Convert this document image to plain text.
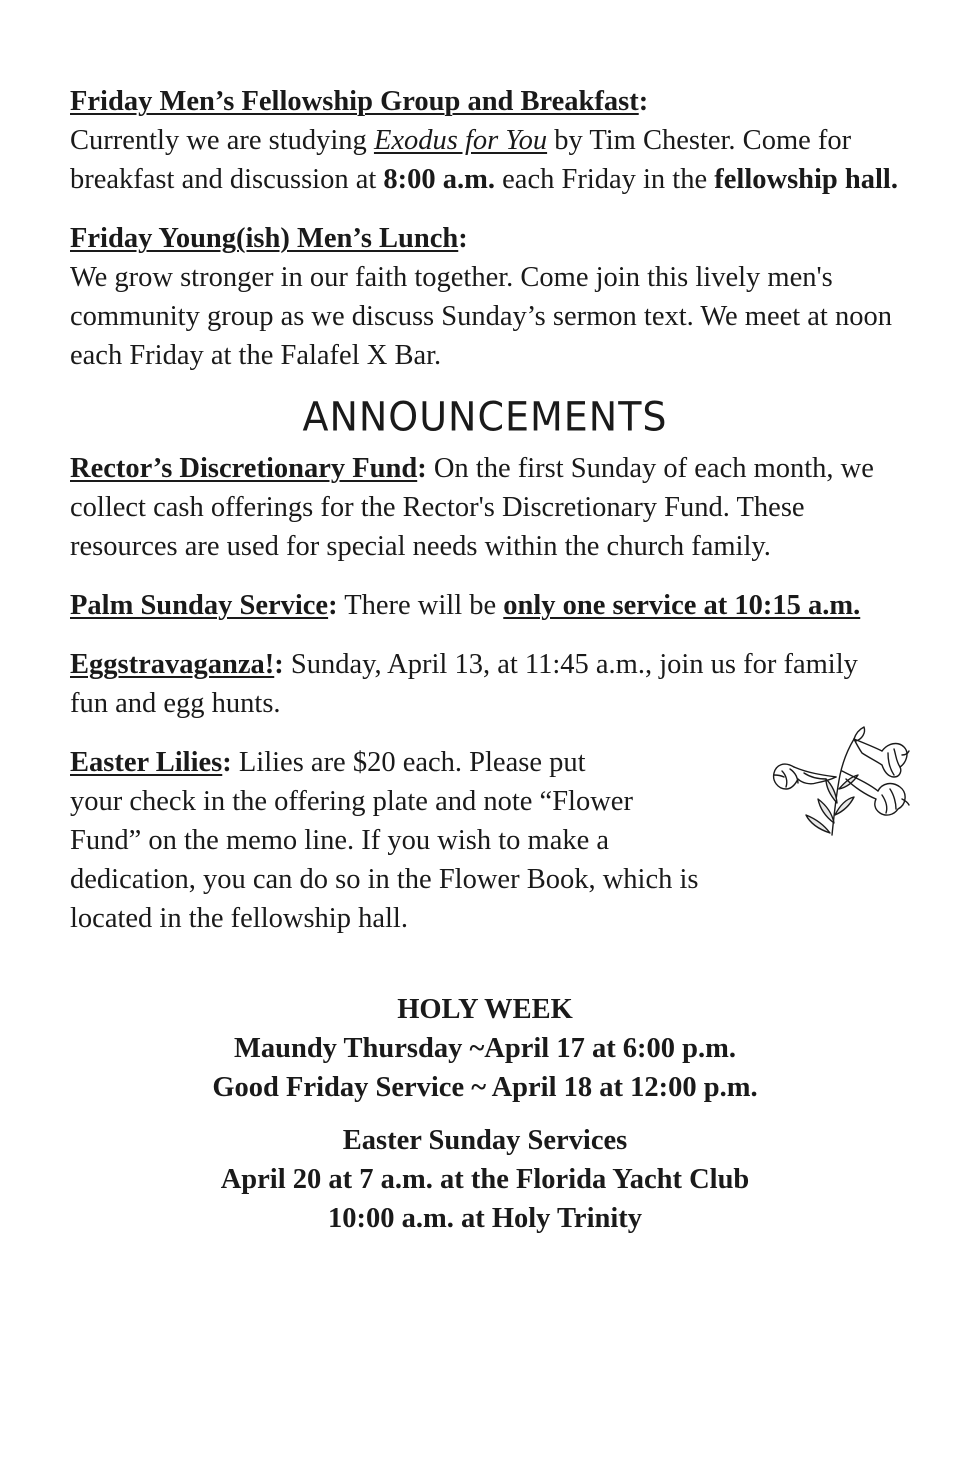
Friday Men’s Fellowship Group and Breakfast:

Currently we are studying Exodus for You by Tim Chester. Come for breakfast and discussion at 8:00 a.m. each Friday in the fellowship hall.

Friday Young(ish) Men’s Lunch:

We grow stronger in our faith together. Come join this lively men's community group as we discuss Sunday’s sermon text. We meet at noon each Friday at the Falafel X Bar.

ANNOUNCEMENTS

Rector’s Discretionary Fund: On the first Sunday of each month, we collect cash offerings for the Rector's Discretionary Fund. These resources are used for special needs within the church family.

Palm Sunday Service: There will be only one service at 10:15 a.m.

Eggstravaganza!: Sunday, April 13, at 11:45 a.m., join us for family fun and egg hunts.

Easter Lilies: Lilies are $20 each. Please put

your check in the offering plate and note “Flower

Fund” on the memo line. If you wish to make a

dedication, you can do so in the Flower Book, which is

located in the fellowship hall.

HOLY WEEK
Maundy Thursday ~April 17 at 6:00 p.m.
Good Friday Service ~ April 18 at 12:00 p.m.
Easter Sunday Services
April 20 at 7 a.m. at the Florida Yacht Club
10:00 a.m. at Holy Trinity
